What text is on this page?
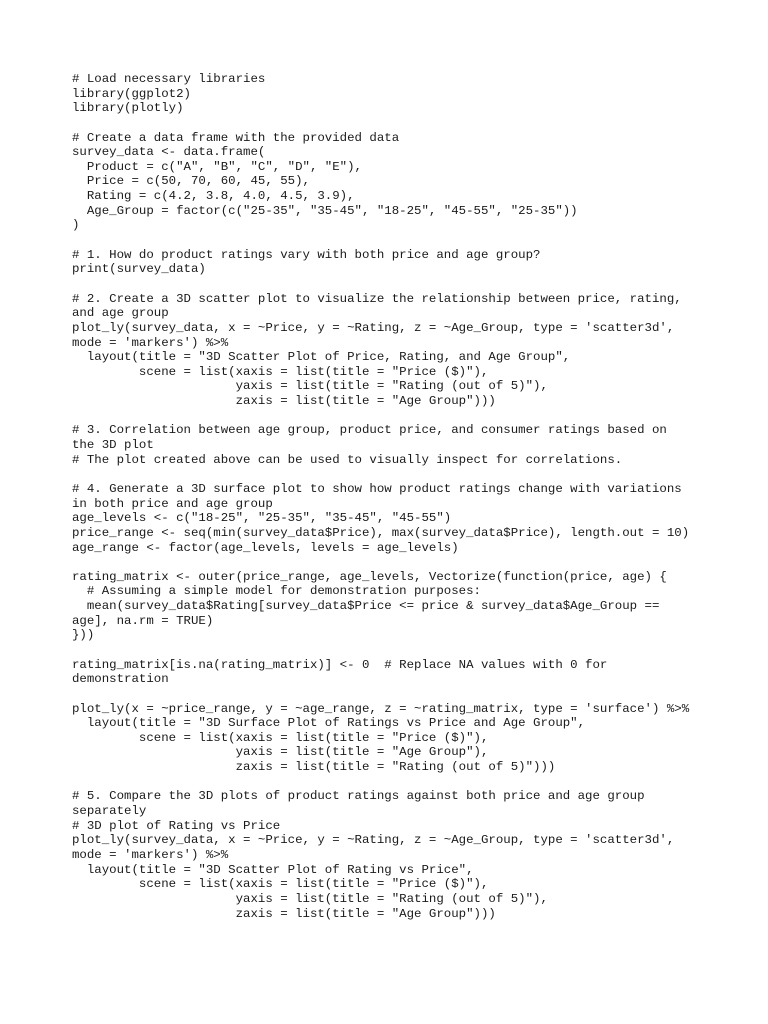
# Load necessary libraries
library(ggplot2)
library(plotly)
# Create a data frame with the provided data
survey_data <- data.frame(
Product = c("A", "B", "C", "D", "E"),
Price = c(50, 70, 60, 45, 55),
Rating = c(4.2, 3.8, 4.0, 4.5, 3.9),
Age_Group = factor(c("25-35", "35-45", "18-25", "45-55", "25-35"))
)
# 1. How do product ratings vary with both price and age group?
print(survey_data)
# 2. Create a 3D scatter plot to visualize the relationship between price, rating,
and age group
plot_ly(survey_data, x = ~Price, y = ~Rating, z = ~Age_Group, type = 'scatter3d',
mode = 'markers') %>%
layout(title = "3D Scatter Plot of Price, Rating, and Age Group",
scene = list(xaxis = list(title = "Price ($)"),
yaxis = list(title = "Rating (out of 5)"),
zaxis = list(title = "Age Group")))
# 3. Correlation between age group, product price, and consumer ratings based on
the 3D plot
# The plot created above can be used to visually inspect for correlations.
# 4. Generate a 3D surface plot to show how product ratings change with variations
in both price and age group
age_levels <- c("18-25", "25-35", "35-45", "45-55")
price_range <- seq(min(survey_data$Price), max(survey_data$Price), length.out = 10)
age_range <- factor(age_levels, levels = age_levels)
rating_matrix <- outer(price_range, age_levels, Vectorize(function(price, age) {
# Assuming a simple model for demonstration purposes:
mean(survey_data$Rating[survey_data$Price <= price & survey_data$Age_Group ==
age], na.rm = TRUE)
}))
rating_matrix[is.na(rating_matrix)] <- 0  # Replace NA values with 0 for
demonstration
plot_ly(x = ~price_range, y = ~age_range, z = ~rating_matrix, type = 'surface') %>%
layout(title = "3D Surface Plot of Ratings vs Price and Age Group",
scene = list(xaxis = list(title = "Price ($)"),
yaxis = list(title = "Age Group"),
zaxis = list(title = "Rating (out of 5)")))
# 5. Compare the 3D plots of product ratings against both price and age group
separately
# 3D plot of Rating vs Price
plot_ly(survey_data, x = ~Price, y = ~Rating, z = ~Age_Group, type = 'scatter3d',
mode = 'markers') %>%
layout(title = "3D Scatter Plot of Rating vs Price",
scene = list(xaxis = list(title = "Price ($)"),
yaxis = list(title = "Rating (out of 5)"),
zaxis = list(title = "Age Group")))
